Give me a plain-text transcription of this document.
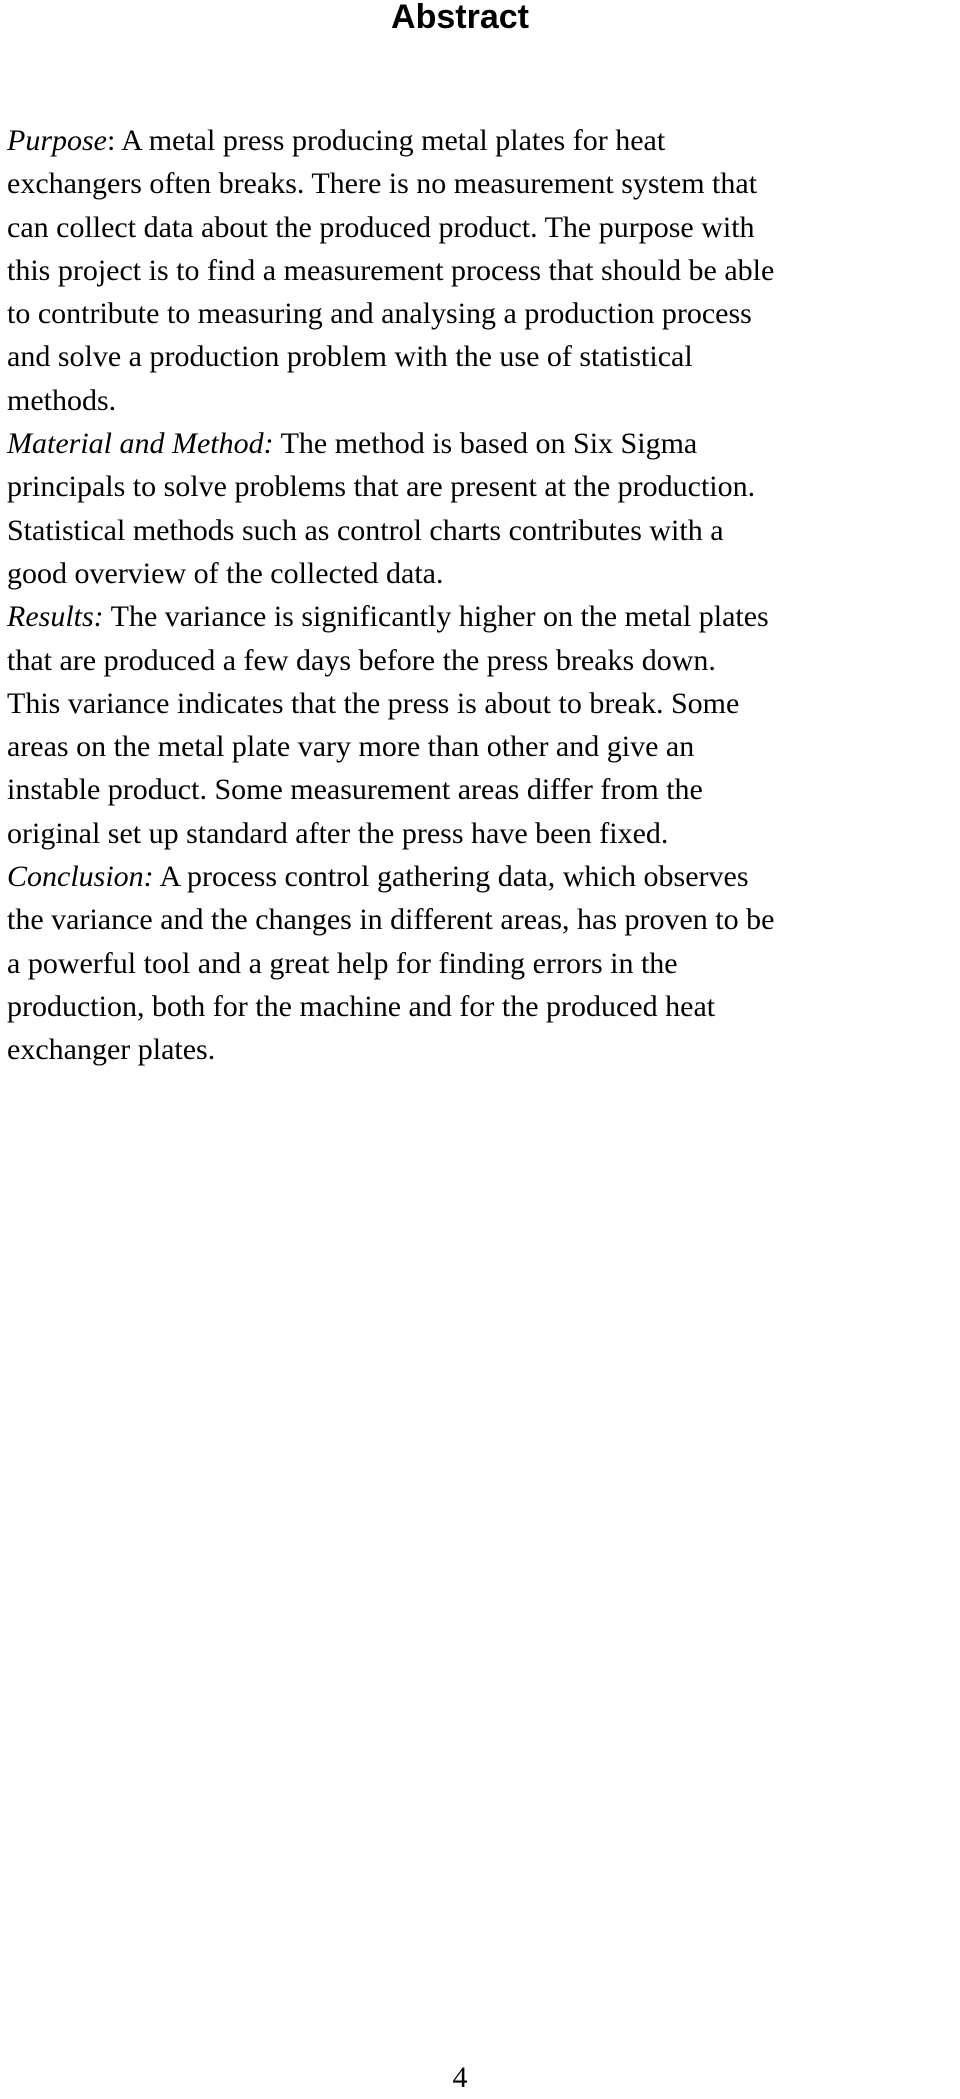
Abstract
Purpose: A metal press producing metal plates for heat
exchangers often breaks. There is no measurement system that
can collect data about the produced product. The purpose with
this project is to find a measurement process that should be able
to contribute to measuring and analysing a production process
and solve a production problem with the use of statistical
methods.
Material and Method: The method is based on Six Sigma
principals to solve problems that are present at the production.
Statistical methods such as control charts contributes with a
good overview of the collected data.
Results: The variance is significantly higher on the metal plates
that are produced a few days before the press breaks down.
This variance indicates that the press is about to break. Some
areas on the metal plate vary more than other and give an
instable product. Some measurement areas differ from the
original set up standard after the press have been fixed.
Conclusion: A process control gathering data, which observes
the variance and the changes in different areas, has proven to be
a powerful tool and a great help for finding errors in the
production, both for the machine and for the produced heat
exchanger plates.
4
